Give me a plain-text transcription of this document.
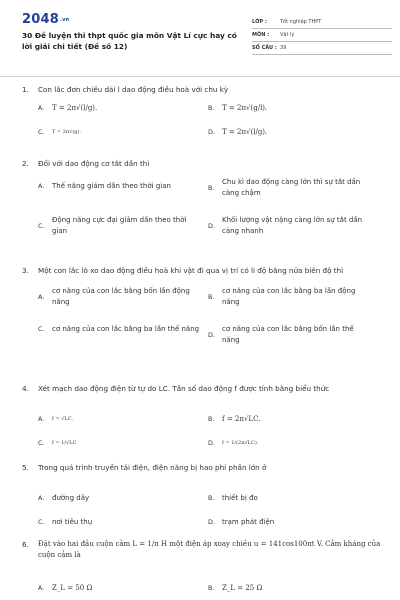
2048.vn
30 Đề luyện thi thpt quốc gia môn Vật Lí cực hay có lời giải chi tiết (Đề số 12)
LỚP :	Tốt nghiệp THPT
MÔN :	Vật lý
SỐ CÂU : 39
1.	Con lắc đơn chiều dài l dao động điều hoà với chu kỳ
A.	T = 2π√(l/g).	B.	T = 2π√(g/l).
C.	T = 2π√(g).	D.	T = 2π√(l/g).
2.	Đối với dao động cơ tắt dần thì
A.	Thế năng giảm dần theo thời gian	B.
Chu kì dao động càng lớn thì sự tắt dần càng chậm
C.
Động năng cực đại giảm dần theo thời gian
D.
Khối lượng vật nặng càng lớn sự tắt dần càng nhanh
3.	Một con lắc lò xo dao động điều hoà khi vật đi qua vị trí có li độ bằng nửa biên độ thì
A.
cơ năng của con lắc bằng bốn lần động năng
B.
cơ năng của con lắc bằng ba lần động năng
C.	cơ năng của con lắc bằng ba lần thế năng
D.
cơ năng của con lắc bằng bốn lần thế năng
4.	Xét mạch dao động điện từ tự do LC. Tần số dao động f được tính bằng biểu thức
A.	f = √LC.	B.	f = 2π√LC.
C.	f = 1/√LC	D.	f = 1/(2π√LC).
5.	Trong quá trình truyền tải điện, điện năng bị hao phí phần lớn ở
A.	đường dây	B.	thiết bị đo
C.	nơi tiêu thụ	D.	trạm phát điện
6.	Đặt vào hai đầu cuộn cảm L = 1/π H một điện áp xoay chiều u = 141cos100πt V. Cảm kháng của cuộn cảm là
A.	Z_L = 50 Ω	B.	Z_L = 25 Ω
